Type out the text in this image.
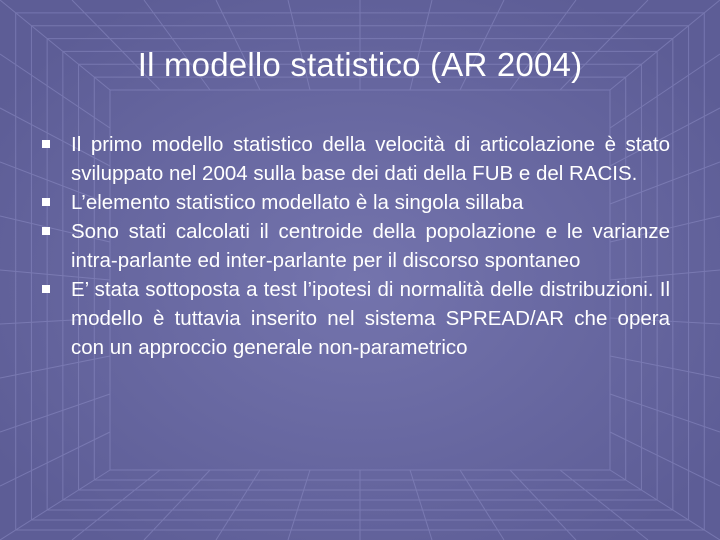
Il modello statistico (AR 2004)
Il primo modello statistico della velocità di articolazione è stato sviluppato nel 2004 sulla base dei dati della FUB e del RACIS.
L’elemento statistico modellato è la singola sillaba
Sono stati calcolati il centroide della popolazione e le varianze intra-parlante ed inter-parlante per il discorso spontaneo
E’ stata sottoposta a test l’ipotesi di normalità delle distribuzioni. Il modello è tuttavia inserito nel sistema SPREAD/AR che opera con un approccio generale non-parametrico
